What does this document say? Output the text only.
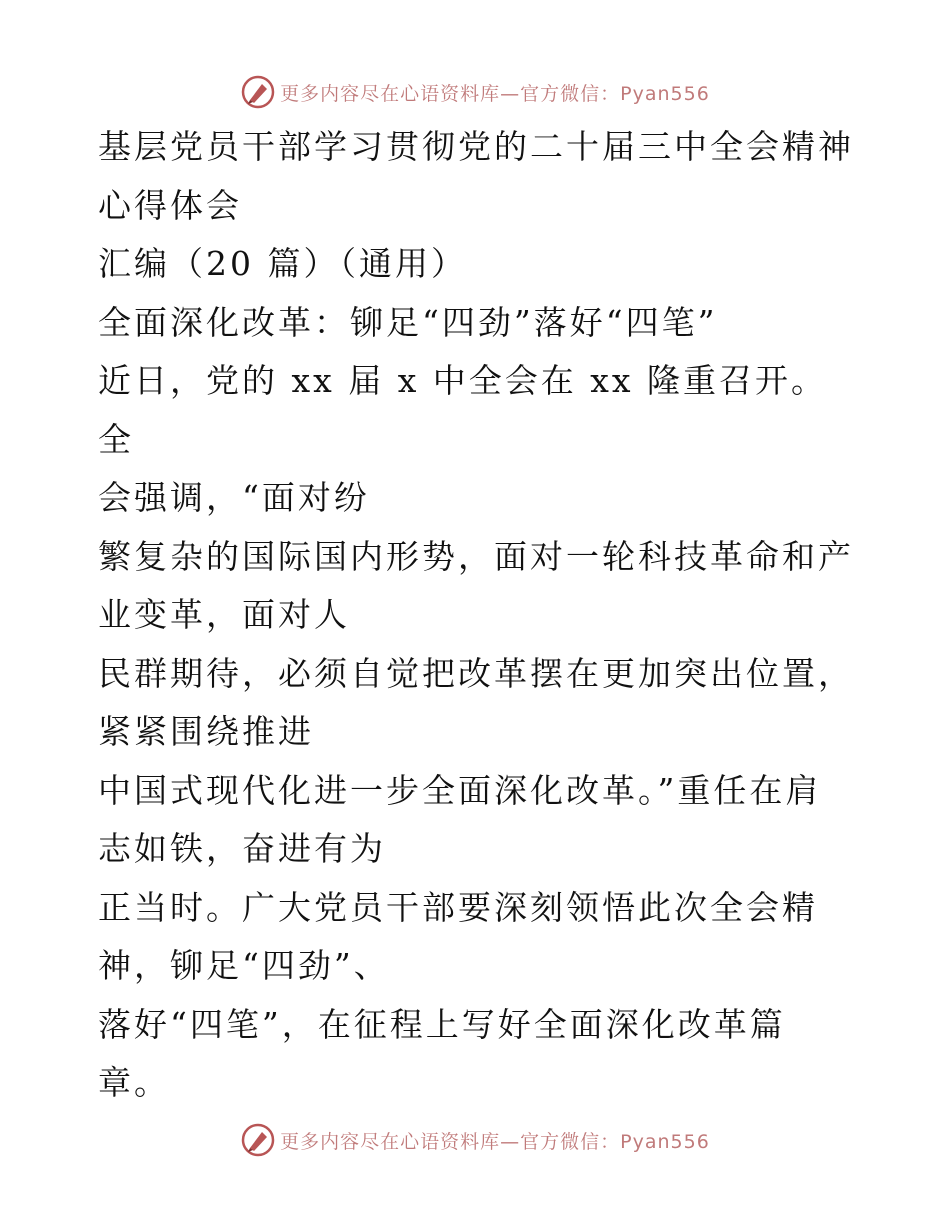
更多内容尽在心语资料库—官方微信：Pyan556

基层党员干部学习贯彻党的二十届三中全会精神

心得体会

汇编（20 篇）（通用）

全面深化改革：铆足“四劲”落好“四笔”

近日，党的 xx 届 x 中全会在 xx 隆重召开。全

会强调，“面对纷

繁复杂的国际国内形势，面对一轮科技革命和产

业变革，面对人

民群期待，必须自觉把改革摆在更加突出位置，

紧紧围绕推进

中国式现代化进一步全面深化改革。”重任在肩

志如铁，奋进有为

正当时。广大党员干部要深刻领悟此次全会精

神，铆足“四劲”、

落好“四笔”，在征程上写好全面深化改革篇

章。

更多内容尽在心语资料库—官方微信：Pyan556
